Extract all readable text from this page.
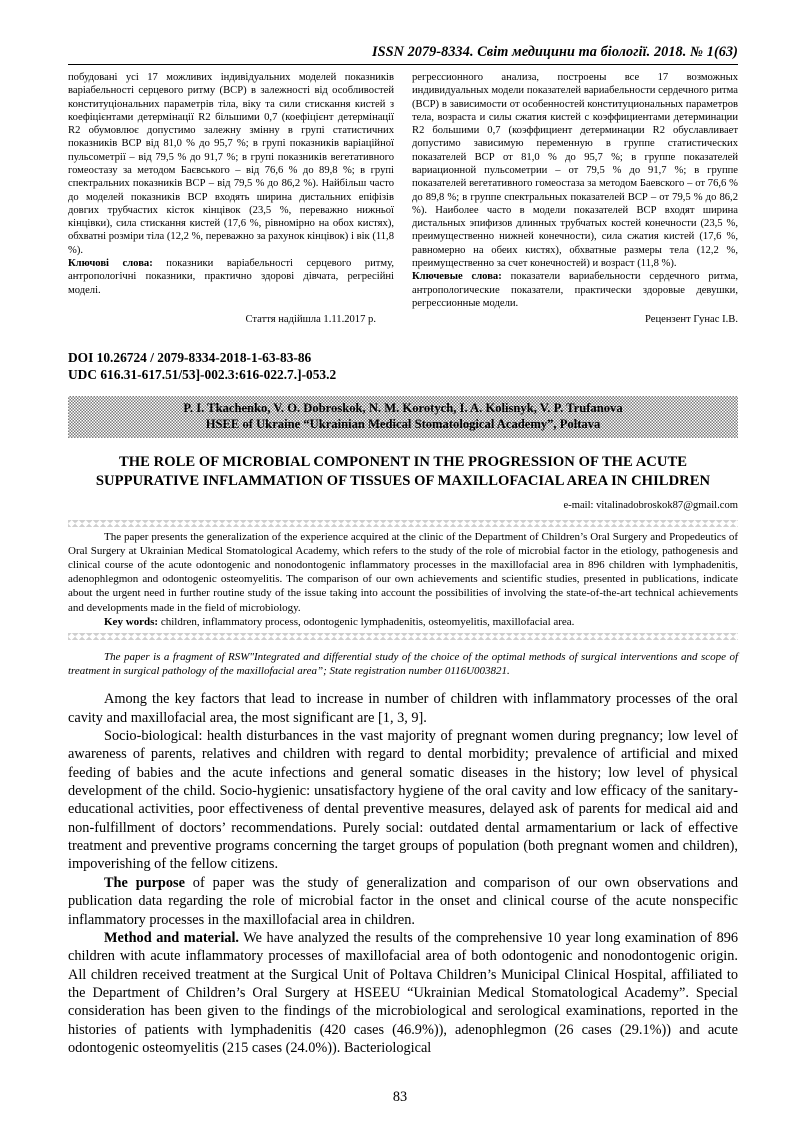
ISSN 2079-8334. Світ медицини та біології. 2018. № 1(63)

побудовані усі 17 можливих індивідуальних моделей показників варіабельності серцевого ритму (ВСР) в залежності від особливостей конституціональних параметрів тіла, віку та сили стискання кистей з коефіцієнтами детермінації R2 більшими 0,7 (коефіцієнт детермінації R2 обумовлює допустимо залежну змінну в групі статистичних показників ВСР від 81,0 % до 95,7 %; в групі показників варіаційної пульсометрії – від 79,5 % до 91,7 %; в групі показників вегетативного гомеостазу за методом Баєвського – від 76,6 % до 89,8 %; в групі спектральних показників ВСР – від 79,5 % до 86,2 %). Найбільш часто до моделей показників ВСР входять ширина дистальних епіфізів довгих трубчастих кісток кінцівок (23,5 %, переважно нижньої кінцівки), сила стискання кистей (17,6 %, рівномірно на обох кистях), обхватні розміри тіла (12,2 %, переважно за рахунок кінцівок) і вік (11,8 %).

Ключові слова: показники варіабельності серцевого ритму, антропологічні показники, практично здорові дівчата, регресійні моделі.

регрессионного анализа, построены все 17 возможных индивидуальных модели показателей вариабельности сердечного ритма (ВСР) в зависимости от особенностей конституциональных параметров тела, возраста и силы сжатия кистей с коэффициентами детерминации R2 большими 0,7 (коэффициент детерминации R2 обуславливает допустимо зависимую переменную в группе статистических показателей ВСР от 81,0 % до 95,7 %; в группе показателей вариационной пульсометрии – от 79,5 % до 91,7 %; в группе показателей вегетативного гомеостаза за методом Баевского – от 76,6 % до 89,8 %; в группе спектральных показателей ВСР – от 79,5 % до 86,2 %). Наиболее часто в модели показателей ВСР входят ширина дистальных эпифизов длинных трубчатых костей конечности (23,5 %, преимущественно нижней конечности), сила сжатия кистей (17,6 %, равномерно на обеих кистях), обхватные размеры тела (12,2 %, преимущественно за счет конечностей) и возраст (11,8 %).

Ключевые слова: показатели вариабельности сердечного ритма, антропологические показатели, практически здоровые девушки, регрессионные модели.

Стаття надійшла 1.11.2017 р.	Рецензент Гунас І.В.
DOI 10.26724 / 2079-8334-2018-1-63-83-86
UDC 616.31-617.51/53]-002.3:616-022.7.]-053.2
P. I. Tkachenko, V. O. Dobroskok, N. M. Korotych, I. A. Kolisnyk, V. P. Trufanova
HSEE of Ukraine “Ukrainian Medical Stomatological Academy”, Poltava
THE ROLE OF MICROBIAL COMPONENT IN THE PROGRESSION OF THE ACUTE
SUPPURATIVE INFLAMMATION OF TISSUES OF MAXILLOFACIAL AREA IN CHILDREN
e-mail: vitalinadobroskok87@gmail.com

The paper presents the generalization of the experience acquired at the clinic of the Department of Children’s Oral Surgery and Propedeutics of Oral Surgery at Ukrainian Medical Stomatological Academy, which refers to the study of the role of microbial factor in the etiology, pathogenesis and clinical course of the acute odontogenic and nonodontogenic inflammatory processes in the maxillofacial area in 896 children with lymphadenitis, adenophlegmon and odontogenic osteomyelitis. The comparison of our own achievements and scientific studies, presented in publications, indicate about the urgent need in further routine study of the issue taking into account the possibilities of involving the state-of-the-art technical achievements and developments made in the field of microbiology.

Key words: children, inflammatory process, odontogenic lymphadenitis, osteomyelitis, maxillofacial area.

The paper is a fragment of RSW"Integrated and differential study of the choice of the optimal methods of surgical interventions and scope of treatment in surgical pathology of the maxillofacial area”; State registration number 0116U003821.

Among the key factors that lead to increase in number of children with inflammatory processes of the oral cavity and maxillofacial area, the most significant are [1, 3, 9].

Socio-biological: health disturbances in the vast majority of pregnant women during pregnancy; low level of awareness of parents, relatives and children with regard to dental morbidity; prevalence of artificial and mixed feeding of babies and the acute infections and general somatic diseases in the history; low level of physical development of the child. Socio-hygienic: unsatisfactory hygiene of the oral cavity and low efficacy of the sanitary-educational activities, poor effectiveness of dental preventive measures, delayed ask of parents for medical aid and non-fulfillment of doctors’ recommendations. Purely social: outdated dental armamentarium or lack of effective treatment and preventive programs concerning the target groups of population (both pregnant women and children), impoverishing of the fellow citizens.

The purpose of paper was the study of generalization and comparison of our own observations and publication data regarding the role of microbial factor in the onset and clinical course of the acute nonspecific inflammatory processes in the maxillofacial area in children.

Method and material. We have analyzed the results of the comprehensive 10 year long examination of 896 children with acute inflammatory processes of maxillofacial area of both odontogenic and nonodontogenic origin. All children received treatment at the Surgical Unit of Poltava Children’s Municipal Clinical Hospital, affiliated to the Department of Children’s Oral Surgery at HSEEU “Ukrainian Medical Stomatological Academy”. Special consideration has been given to the findings of the microbiological and serological examinations, reported in the histories of patients with lymphadenitis (420 cases (46.9%)), adenophlegmon (26 cases (29.1%)) and acute odontogenic osteomyelitis (215 cases (24.0%)). Bacteriological

83
